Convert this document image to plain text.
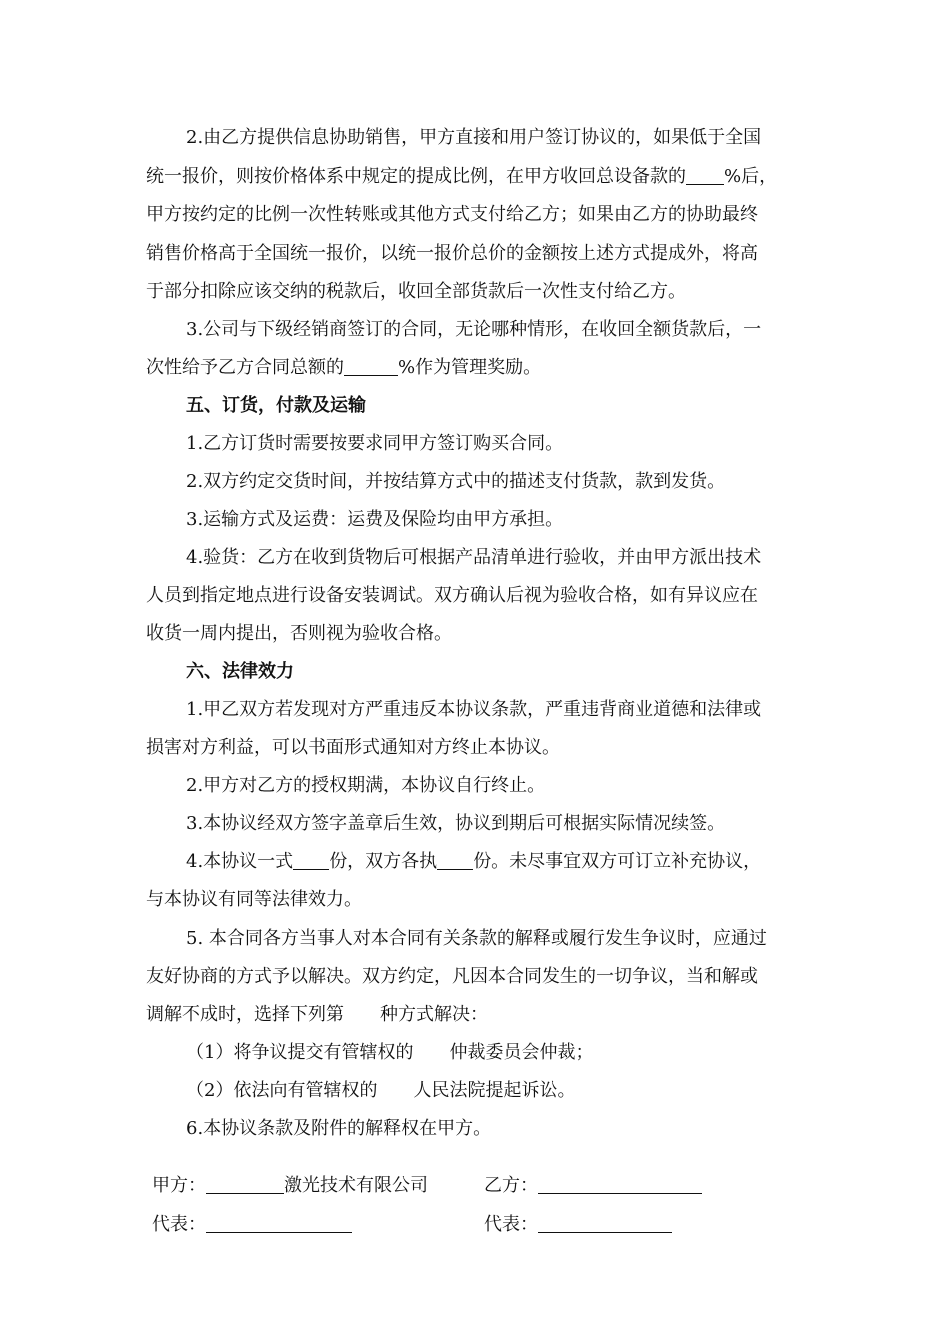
2.由乙方提供信息协助销售，甲方直接和用户签订协议的，如果低于全国
统一报价，则按价格体系中规定的提成比例，在甲方收回总设备款的 %后，
甲方按约定的比例一次性转账或其他方式支付给乙方；如果由乙方的协助最终
销售价格高于全国统一报价，以统一报价总价的金额按上述方式提成外，将高
于部分扣除应该交纳的税款后，收回全部货款后一次性支付给乙方。
3.公司与下级经销商签订的合同，无论哪种情形，在收回全额货款后，一
次性给予乙方合同总额的	%作为管理奖励。
五、订货，付款及运输
1.乙方订货时需要按要求同甲方签订购买合同。
2.双方约定交货时间，并按结算方式中的描述支付货款，款到发货。
3.运输方式及运费：运费及保险均由甲方承担。
4.验货：乙方在收到货物后可根据产品清单进行验收，并由甲方派出技术
人员到指定地点进行设备安装调试。双方确认后视为验收合格，如有异议应在
收货一周内提出，否则视为验收合格。
六、法律效力
1.甲乙双方若发现对方严重违反本协议条款，严重违背商业道德和法律或
损害对方利益，可以书面形式通知对方终止本协议。
2.甲方对乙方的授权期满，本协议自行终止。
3.本协议经双方签字盖章后生效，协议到期后可根据实际情况续签。
4.本协议一式 份，双方各执 份。未尽事宜双方可订立补充协议，
与本协议有同等法律效力。
5. 本合同各方当事人对本合同有关条款的解释或履行发生争议时，应通过
友好协商的方式予以解决。双方约定，凡因本合同发生的一切争议，当和解或
调解不成时，选择下列第　　种方式解决：
（1）将争议提交有管辖权的　　仲裁委员会仲裁；
（2）依法向有管辖权的　　人民法院提起诉讼。
6.本协议条款及附件的解释权在甲方。
甲方：	激光技术有限公司	乙方：
代表：	代表：
